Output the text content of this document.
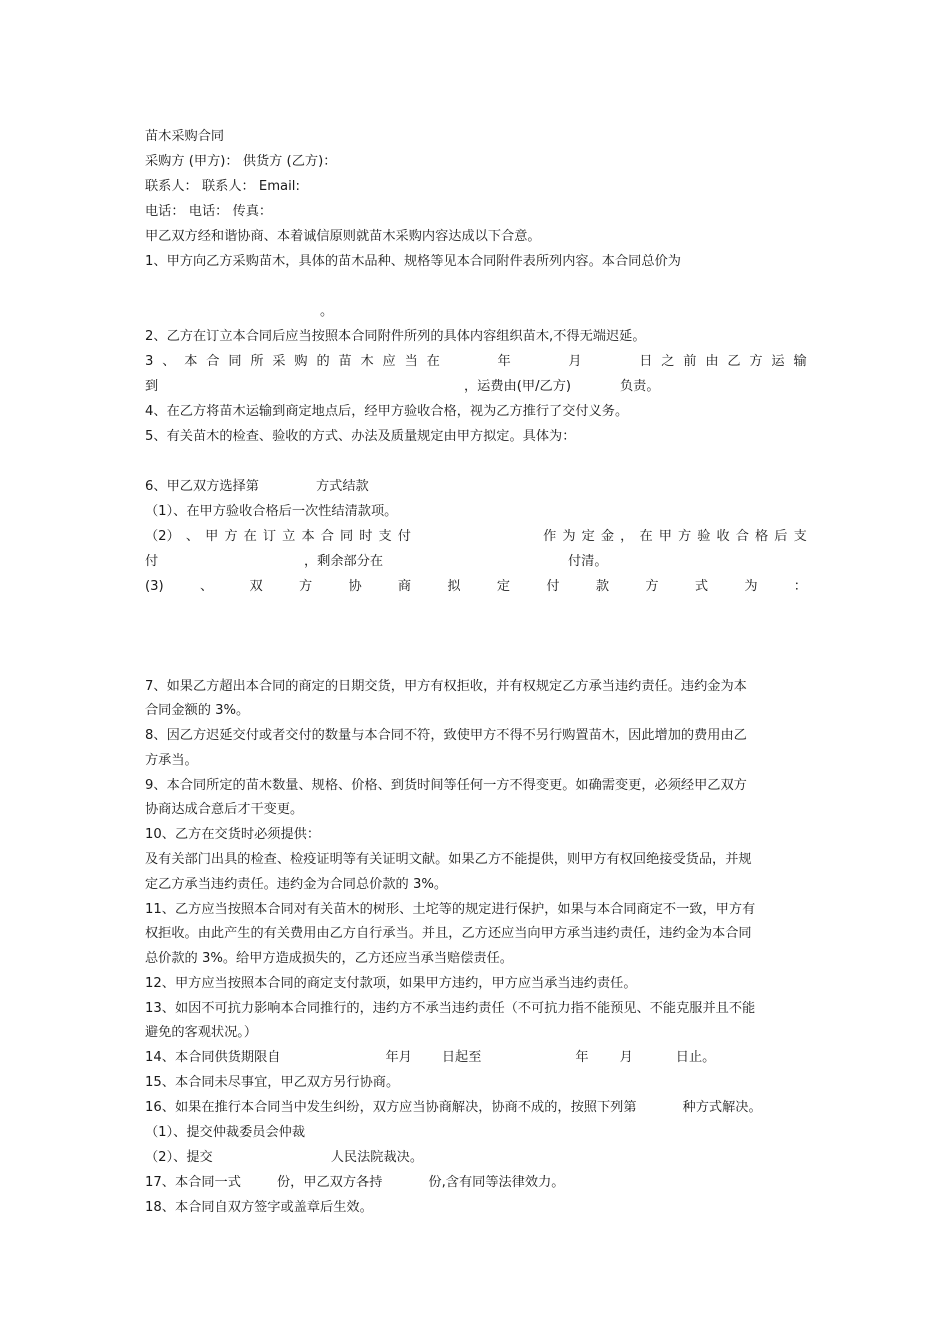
苗木采购合同
采购方 (甲方)： 供货方 (乙方)：
联系人： 联系人： Email:
电话： 电话： 传真：
甲乙双方经和谐协商、本着诚信原则就苗木采购内容达成以下合意。
1、甲方向乙方采购苗木，具体的苗木品种、规格等见本合同附件表所列内容。本合同总价为
。
2、乙方在订立本合同后应当按照本合同附件所列的具体内容组织苗木,不得无端迟延。
3 、 本 合 同 所 采 购 的 苗 木 应 当 在	年	月	日 之 前 由 乙 方 运 输
到	，运费由(甲/乙方)	负责。
4、在乙方将苗木运输到商定地点后，经甲方验收合格，视为乙方推行了交付义务。
5、有关苗木的检查、验收的方式、办法及质量规定由甲方拟定。具体为：
6、甲乙双方选择第	方式结款
（1）、在甲方验收合格后一次性结清款项。
（2） 、 甲 方 在 订 立 本 合 同 时 支 付	作 为 定 金 ， 在 甲 方 验 收 合 格 后 支
付	，剩余部分在	付清。
(3)	、	双	方	协	商	拟	定	付	款	方	式	为	：
7、如果乙方超出本合同的商定的日期交货，甲方有权拒收，并有权规定乙方承当违约责任。违约金为本
合同金额的 3%。
8、因乙方迟延交付或者交付的数量与本合同不符，致使甲方不得不另行购置苗木，因此增加的费用由乙
方承当。
9、本合同所定的苗木数量、规格、价格、到货时间等任何一方不得变更。如确需变更，必须经甲乙双方
协商达成合意后才干变更。
10、乙方在交货时必须提供：
及有关部门出具的检查、检疫证明等有关证明文献。如果乙方不能提供，则甲方有权回绝接受货品，并规
定乙方承当违约责任。违约金为合同总价款的 3%。
11、乙方应当按照本合同对有关苗木的树形、土坨等的规定进行保护，如果与本合同商定不一致，甲方有
权拒收。由此产生的有关费用由乙方自行承当。并且，乙方还应当向甲方承当违约责任，违约金为本合同
总价款的 3%。给甲方造成损失的，乙方还应当承当赔偿责任。
12、甲方应当按照本合同的商定支付款项，如果甲方违约，甲方应当承当违约责任。
13、如因不可抗力影响本合同推行的，违约方不承当违约责任（不可抗力指不能预见、不能克服并且不能
避免的客观状况。）
14、本合同供货期限自	年月 日起至	年 月	日止。
15、本合同未尽事宜，甲乙双方另行协商。
16、如果在推行本合同当中发生纠纷，双方应当协商解决，协商不成的，按照下列第	种方式解决。
（1）、提交仲裁委员会仲裁
（2）、提交	人民法院裁决。
17、本合同一式	份，甲乙双方各持	份,含有同等法律效力。
18、本合同自双方签字或盖章后生效。
